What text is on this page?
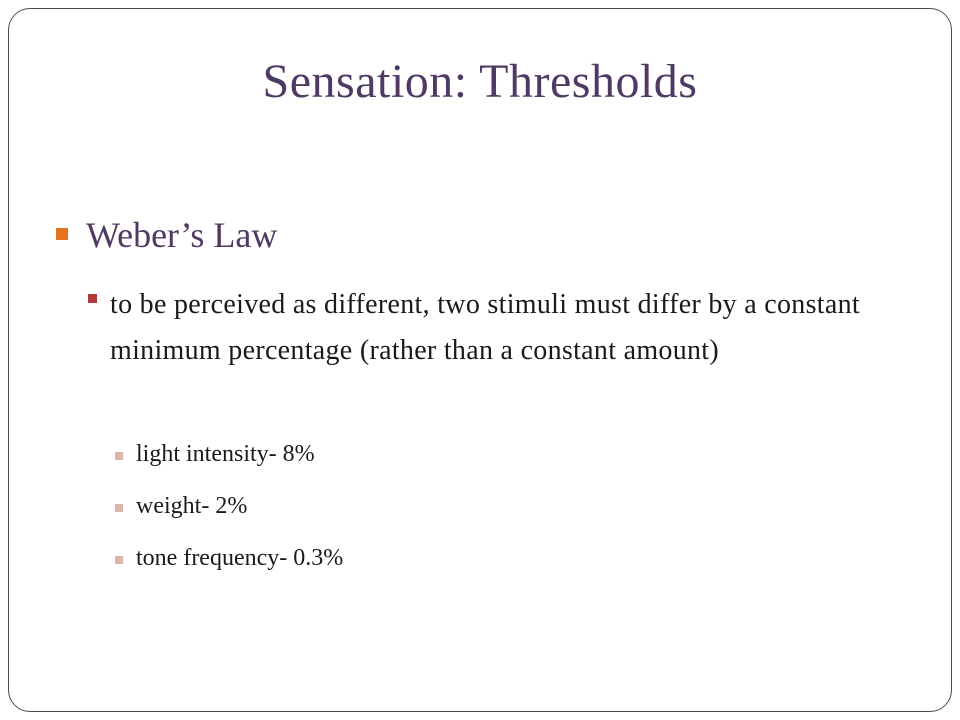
Sensation: Thresholds
Weber’s Law
to be perceived as different, two stimuli must differ by a constant minimum percentage (rather than a constant amount)
light intensity- 8%
weight- 2%
tone frequency- 0.3%
